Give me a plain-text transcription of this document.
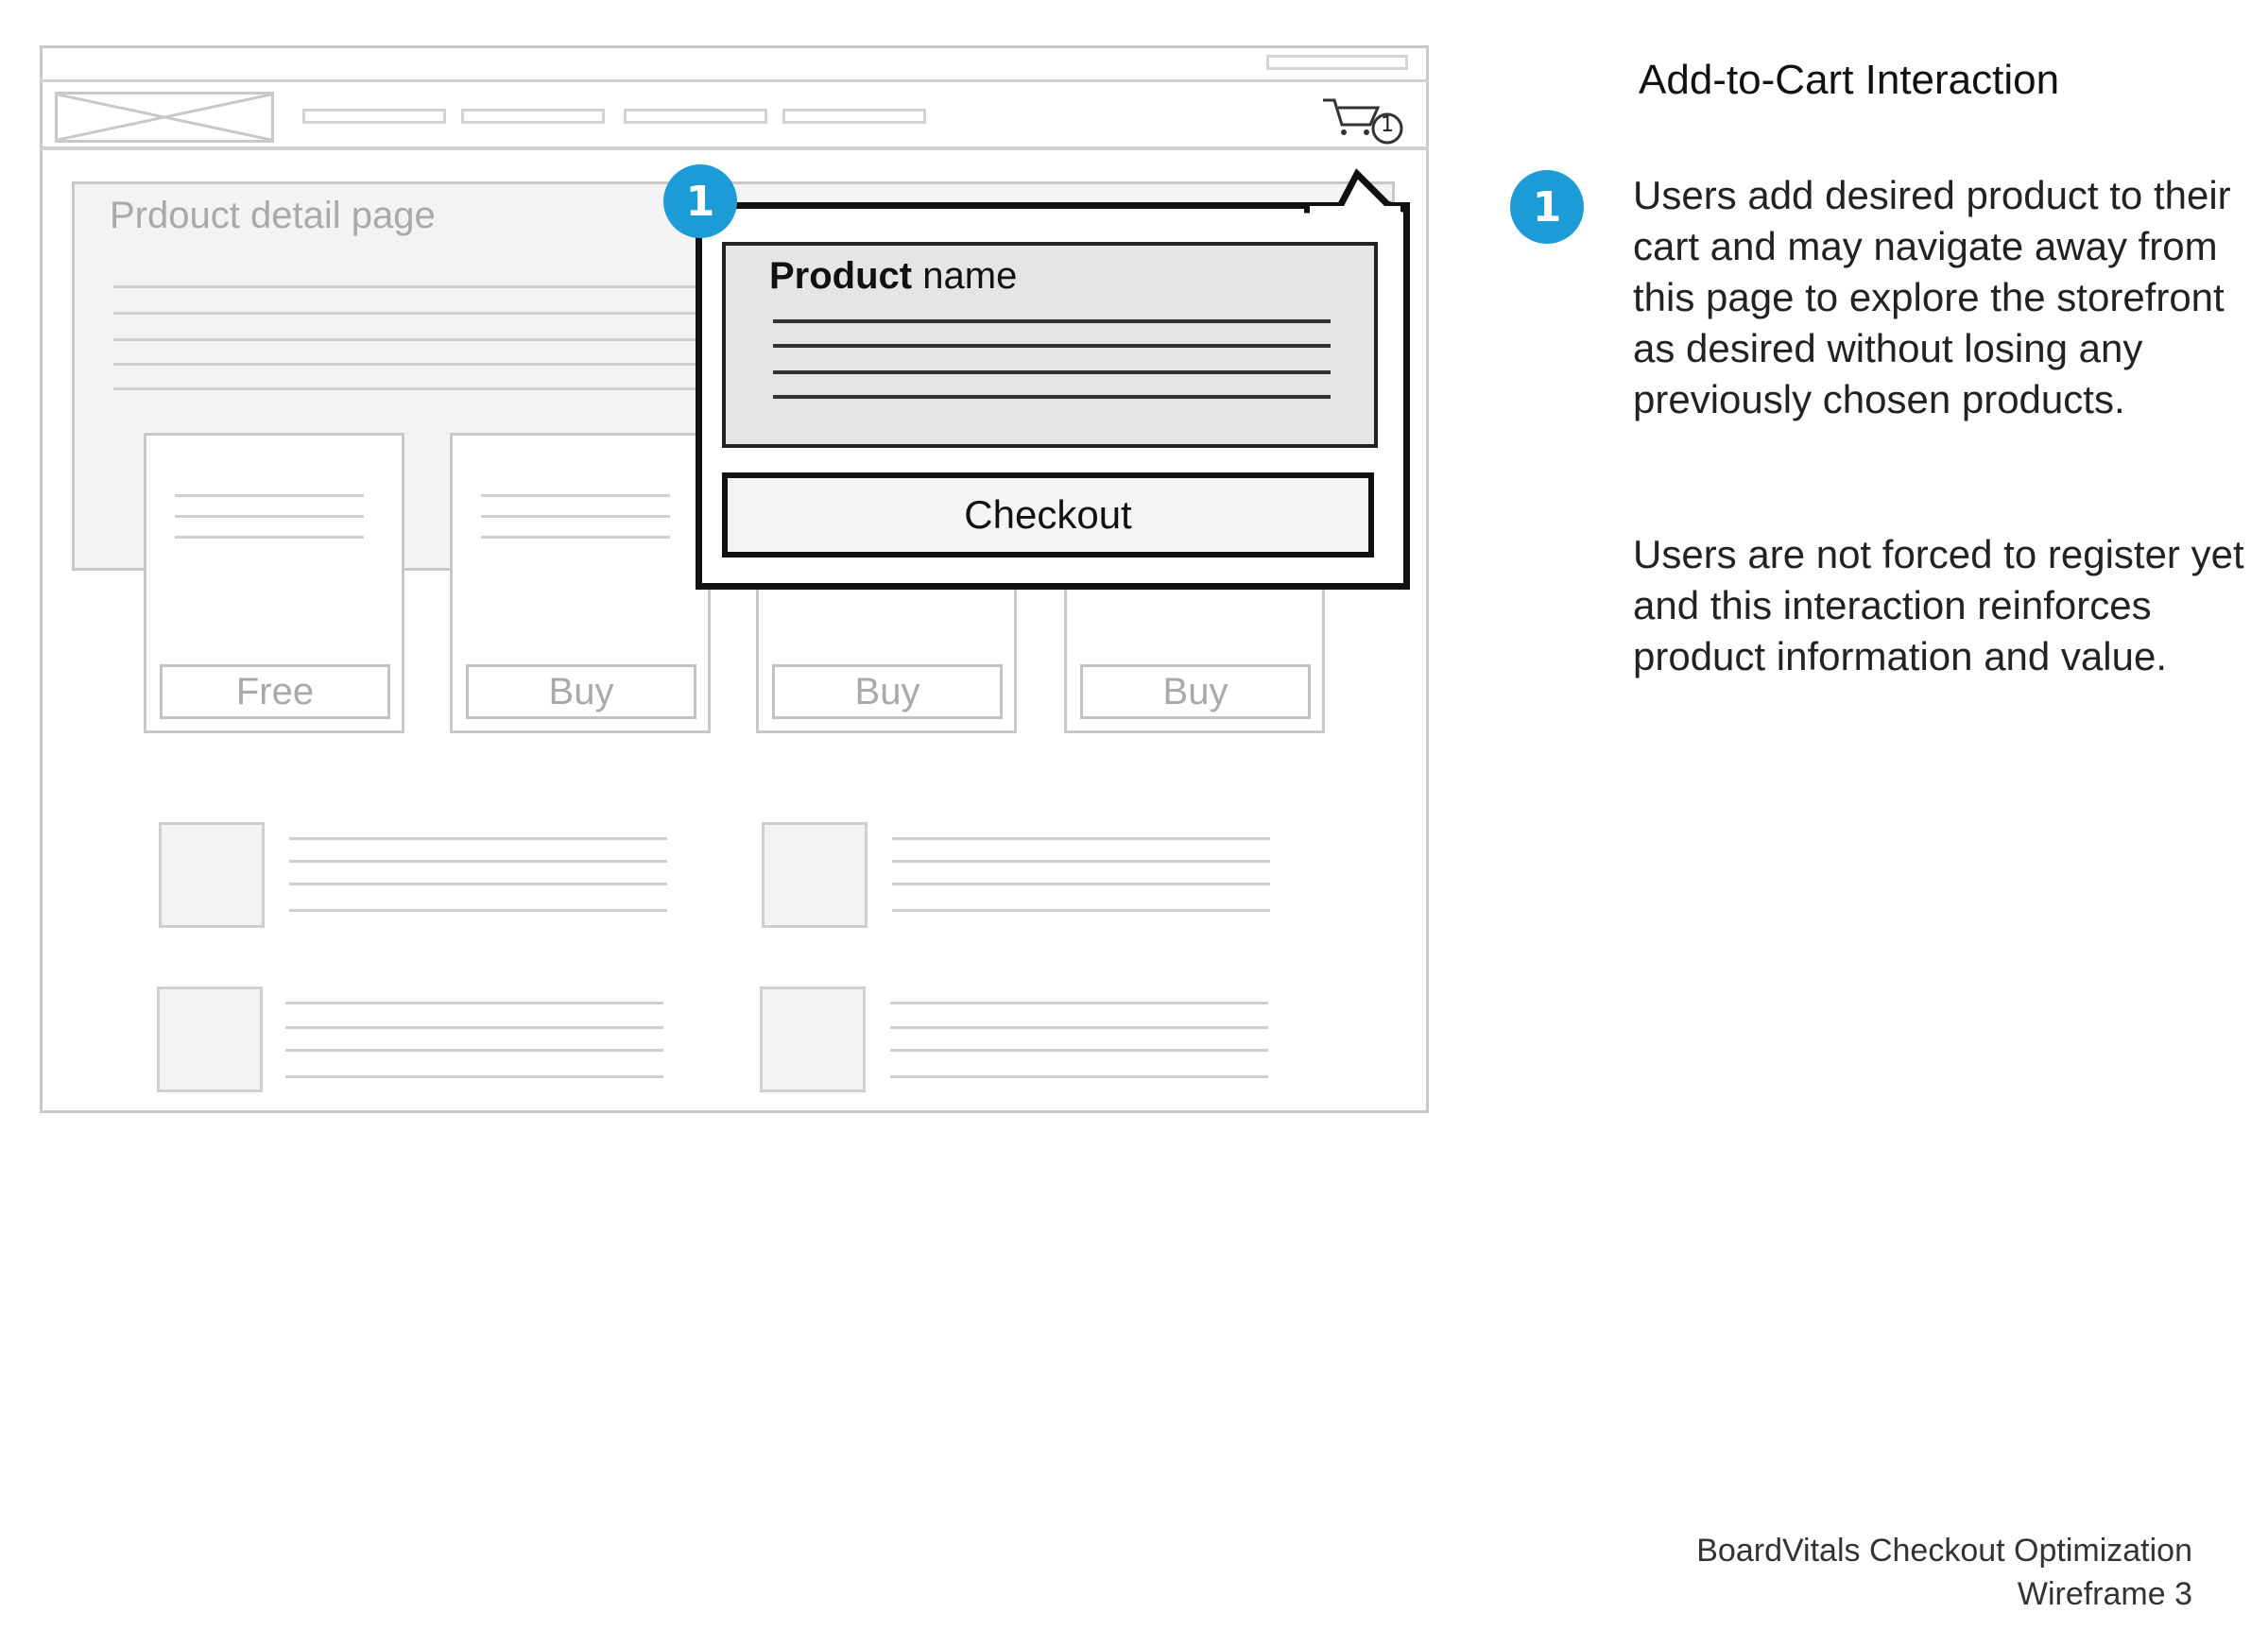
1
Prdouct detail page
Free	Buy	Buy	Buy
Product name
Checkout
1
Add-to-Cart Interaction
1	Users add desired product to their cart and may navigate away from this page to explore the storefront as desired without losing any previously chosen products.
Users are not forced to register yet and this interaction reinforces product information and value.
BoardVitals Checkout Optimization
Wireframe 3
